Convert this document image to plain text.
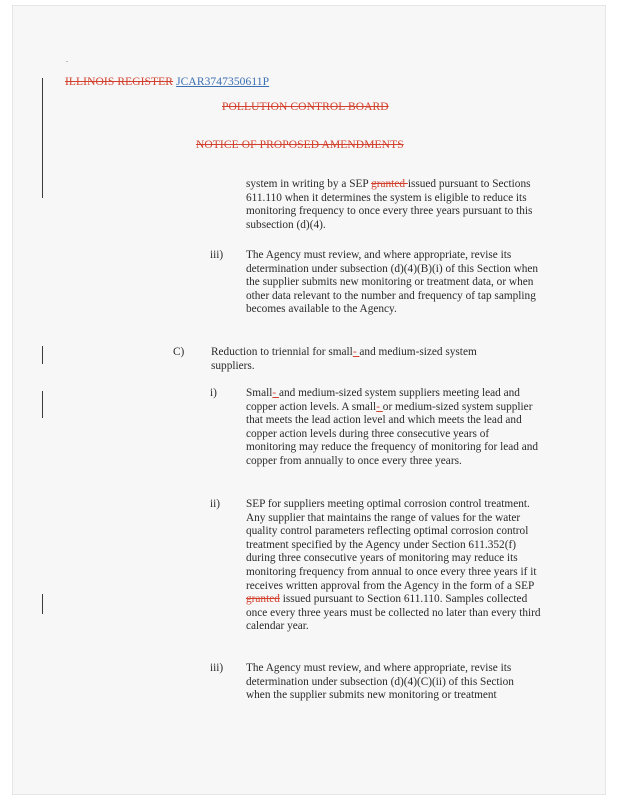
ILLINOIS REGISTER JCAR3747350611P
POLLUTION CONTROL BOARD
NOTICE OF PROPOSED AMENDMENTS
system in writing by a SEP granted issued pursuant to Sections 611.110 when it determines the system is eligible to reduce its monitoring frequency to once every three years pursuant to this subsection (d)(4).
iii) The Agency must review, and where appropriate, revise its determination under subsection (d)(4)(B)(i) of this Section when the supplier submits new monitoring or treatment data, or when other data relevant to the number and frequency of tap sampling becomes available to the Agency.
C) Reduction to triennial for small- and medium-sized system suppliers.
i)	Small- and medium-sized system suppliers meeting lead and copper action levels. A small- or medium-sized system supplier that meets the lead action level and which meets the lead and copper action levels during three consecutive years of monitoring may reduce the frequency of monitoring for lead and copper from annually to once every three years.
ii) SEP for suppliers meeting optimal corrosion control treatment. Any supplier that maintains the range of values for the water quality control parameters reflecting optimal corrosion control treatment specified by the Agency under Section 611.352(f) during three consecutive years of monitoring may reduce its monitoring frequency from annual to once every three years if it receives written approval from the Agency in the form of a SEP granted issued pursuant to Section 611.110. Samples collected once every three years must be collected no later than every third calendar year.
iii) The Agency must review, and where appropriate, revise its determination under subsection (d)(4)(C)(ii) of this Section when the supplier submits new monitoring or treatment
